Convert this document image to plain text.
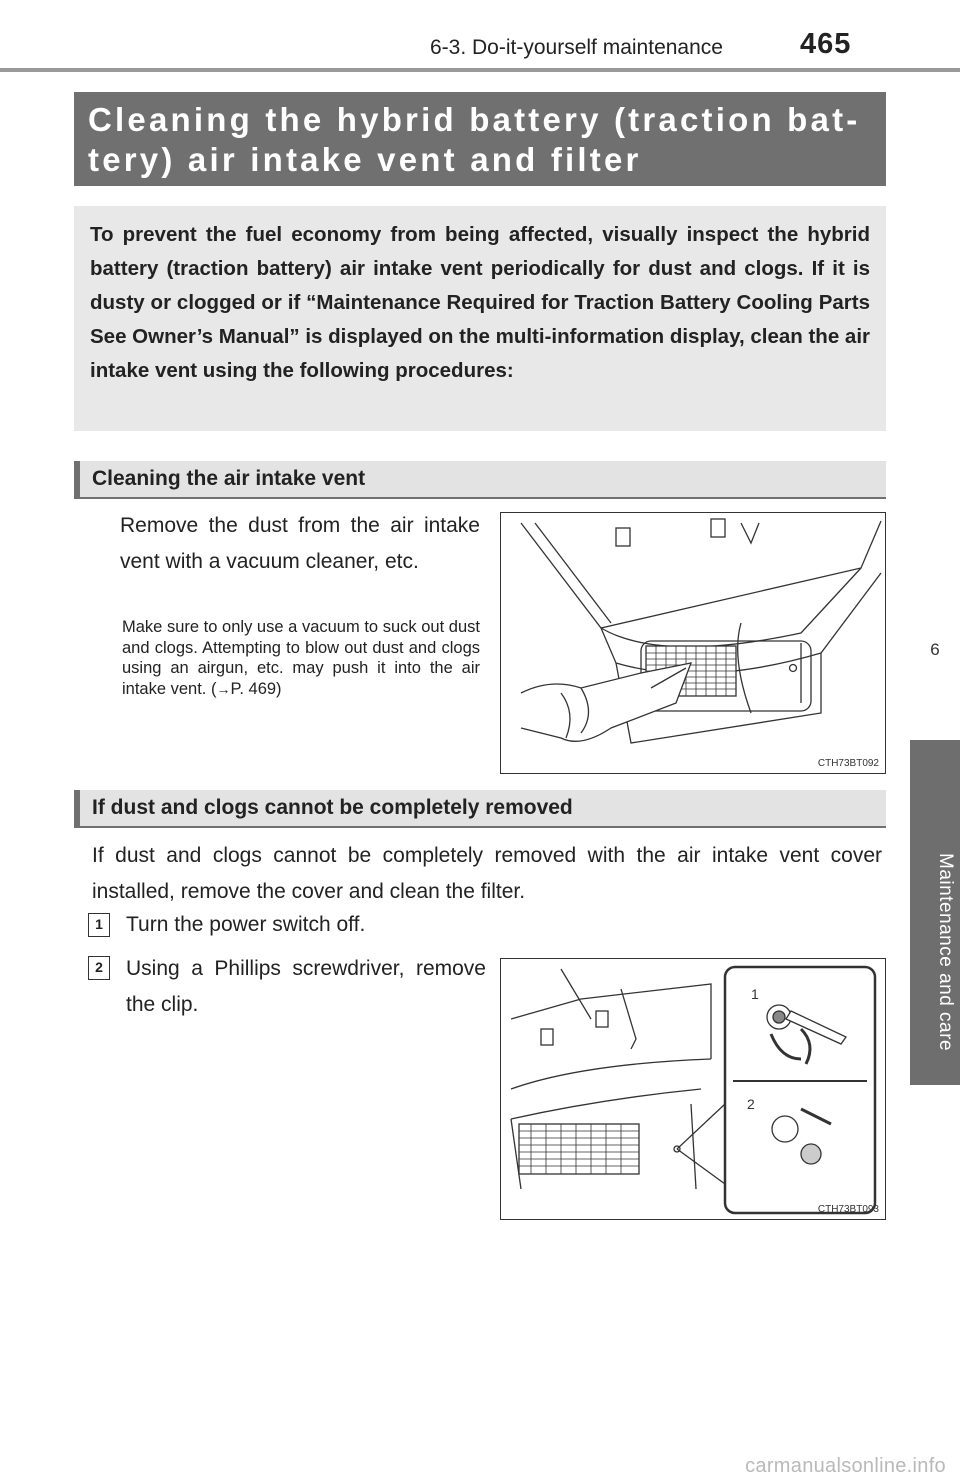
6-3. Do-it-yourself maintenance	465
6
Maintenance and care
Cleaning the hybrid battery (traction bat-
tery) air intake vent and filter
To prevent the fuel economy from being affected, visually inspect the hybrid battery (traction battery) air intake vent periodically for dust and clogs. If it is dusty or clogged or if “Maintenance Required for Traction Battery Cooling Parts See Owner’s Manual” is displayed on the multi-information display, clean the air intake vent using the following procedures:
Cleaning the air intake vent
Remove the dust from the air intake vent with a vacuum cleaner, etc.
Make sure to only use a vacuum to suck out dust and clogs. Attempting to blow out dust and clogs using an airgun, etc. may push it into the air intake vent. (→P. 469)
CTH73BT092
If dust and clogs cannot be completely removed
If dust and clogs cannot be completely removed with the air intake vent cover installed, remove the cover and clean the filter.
1	Turn the power switch off.
2	Using a Phillips screwdriver, remove the clip.	1
2
CTH73BT093
carmanualsonline.info
